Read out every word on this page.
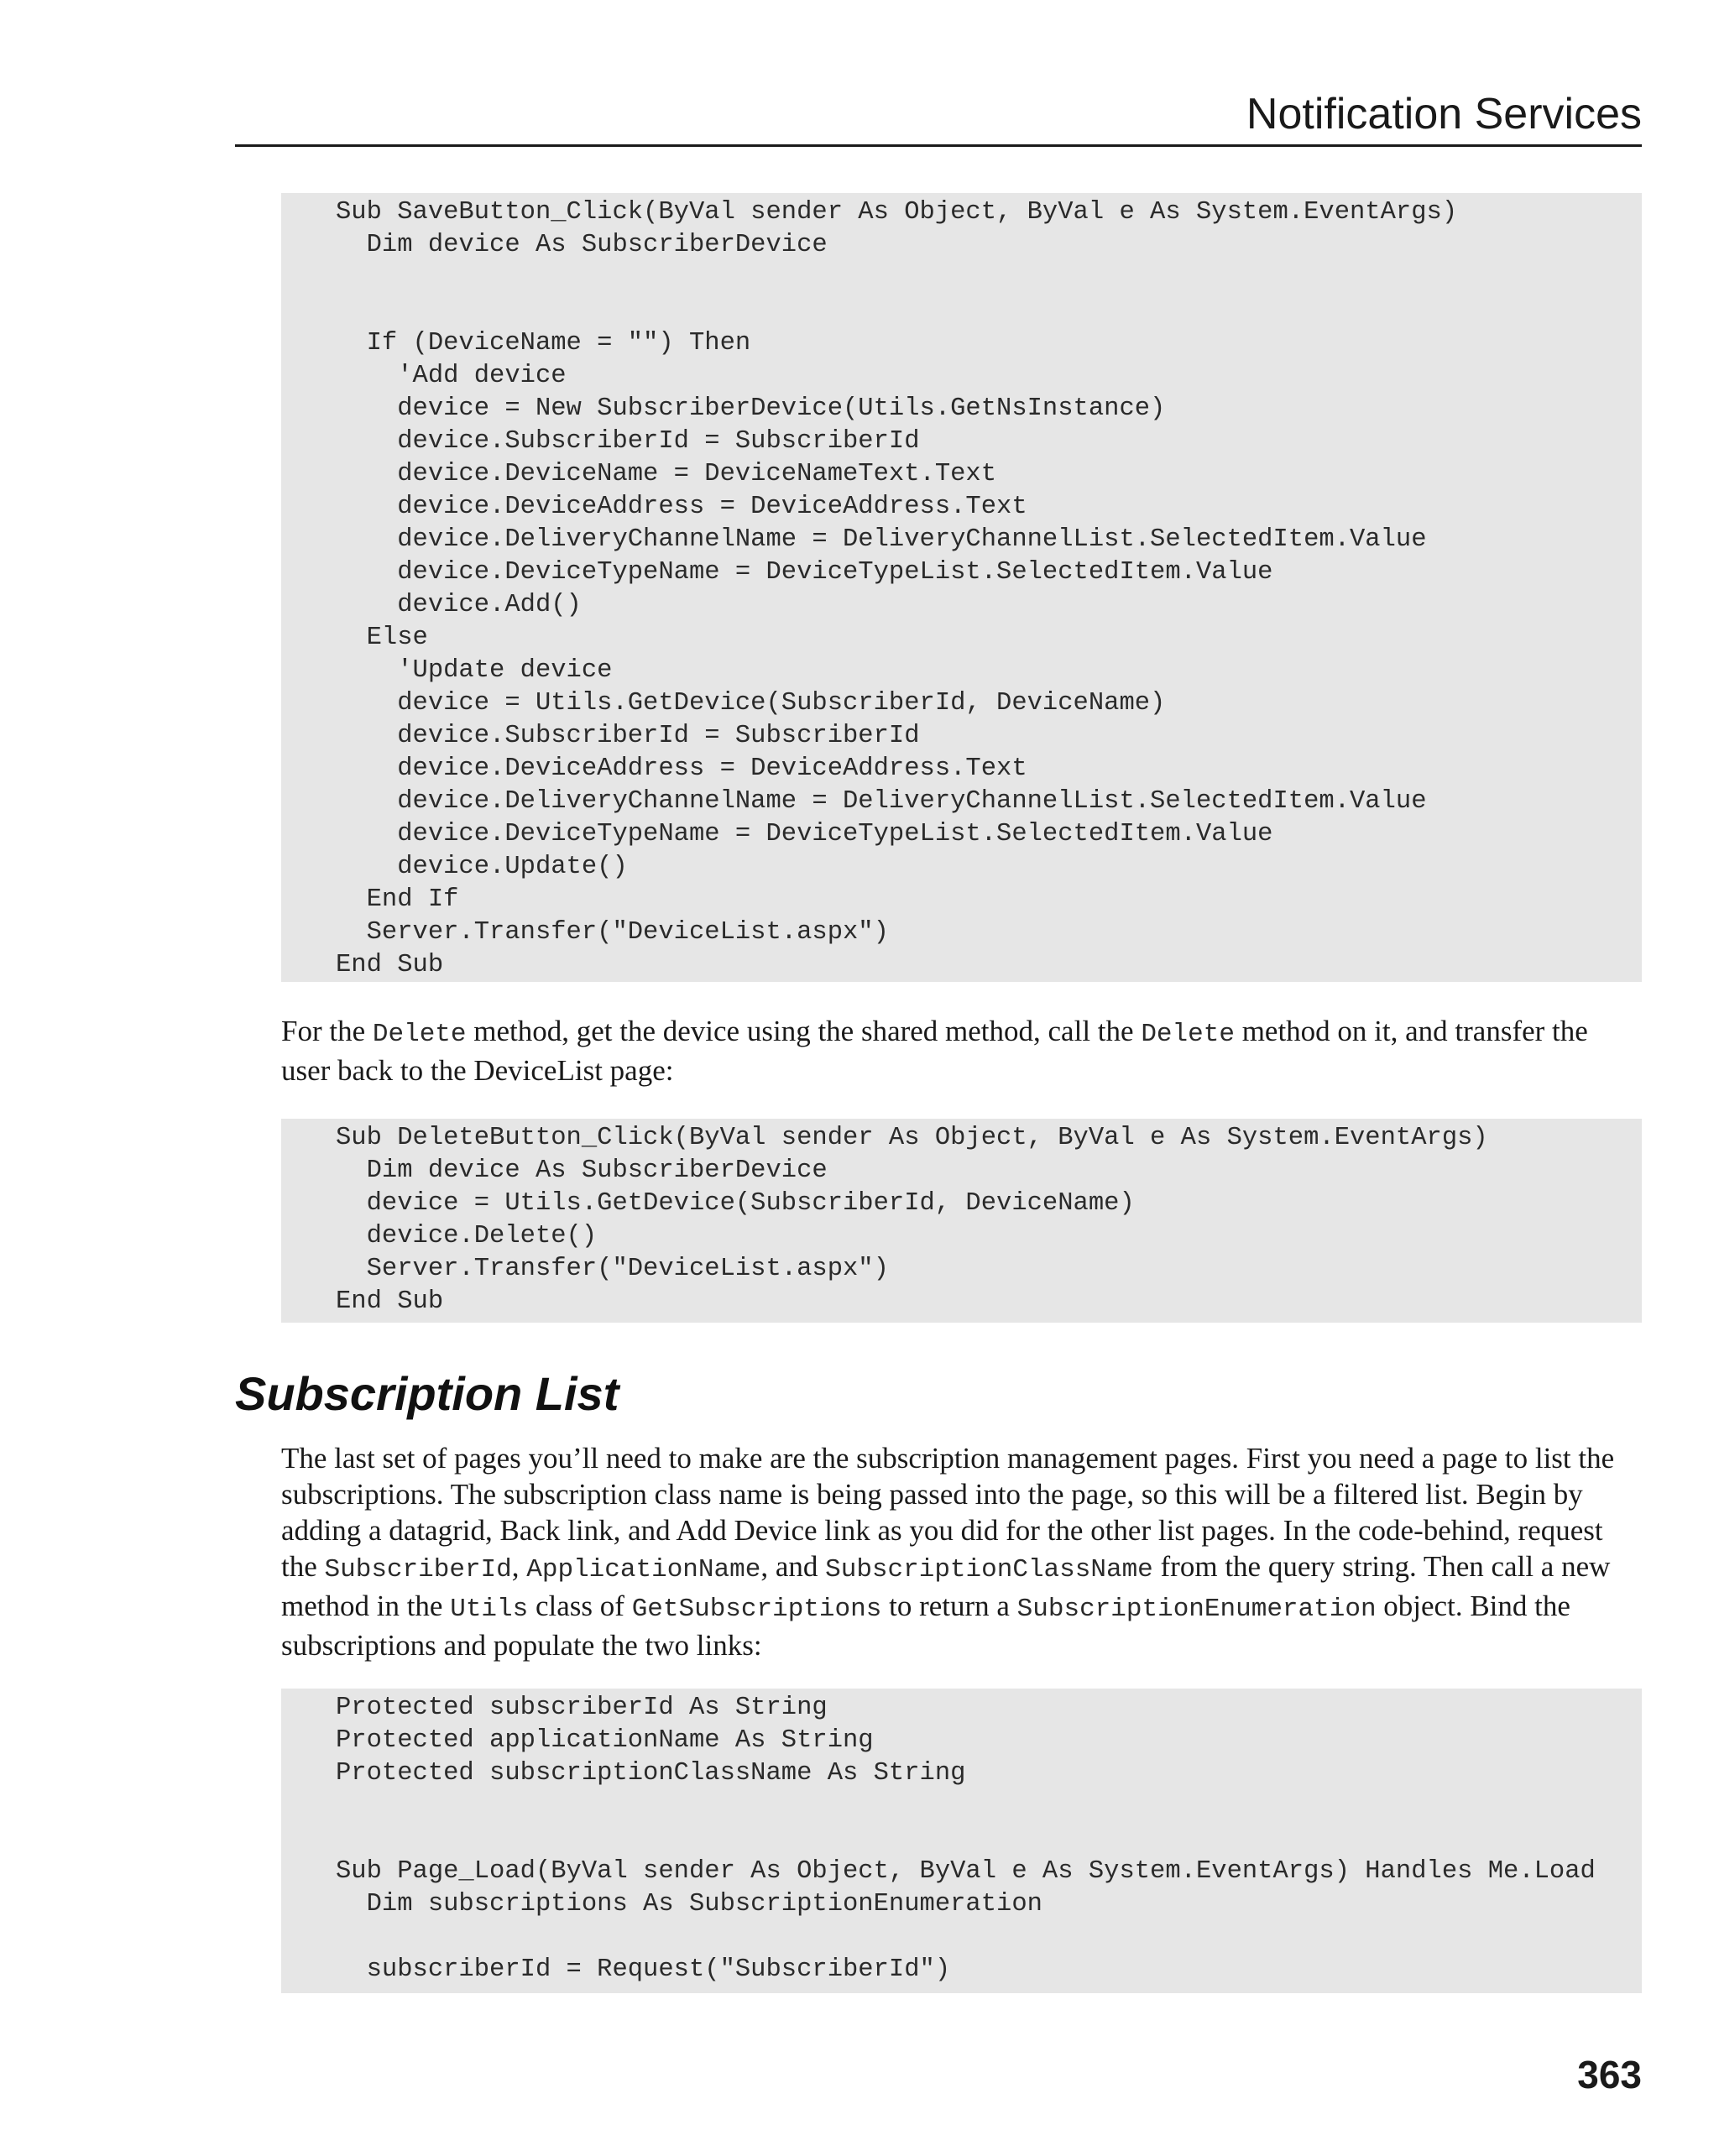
Notification Services
Sub SaveButton_Click(ByVal sender As Object, ByVal e As System.EventArgs)
Dim device As SubscriberDevice
If (DeviceName = "") Then
'Add device
device = New SubscriberDevice(Utils.GetNsInstance)
device.SubscriberId = SubscriberId
device.DeviceName = DeviceNameText.Text
device.DeviceAddress = DeviceAddress.Text
device.DeliveryChannelName = DeliveryChannelList.SelectedItem.Value
device.DeviceTypeName = DeviceTypeList.SelectedItem.Value
device.Add()
Else
'Update device
device = Utils.GetDevice(SubscriberId, DeviceName)
device.SubscriberId = SubscriberId
device.DeviceAddress = DeviceAddress.Text
device.DeliveryChannelName = DeliveryChannelList.SelectedItem.Value
device.DeviceTypeName = DeviceTypeList.SelectedItem.Value
device.Update()
End If
Server.Transfer("DeviceList.aspx")
End Sub
For the Delete method, get the device using the shared method, call the Delete method on it, and transfer the user back to the DeviceList page:
Sub DeleteButton_Click(ByVal sender As Object, ByVal e As System.EventArgs)
Dim device As SubscriberDevice
device = Utils.GetDevice(SubscriberId, DeviceName)
device.Delete()
Server.Transfer("DeviceList.aspx")
End Sub
Subscription List
The last set of pages you’ll need to make are the subscription management pages. First you need a page to list the subscriptions. The subscription class name is being passed into the page, so this will be a filtered list. Begin by adding a datagrid, Back link, and Add Device link as you did for the other list pages. In the code-behind, request the SubscriberId, ApplicationName, and SubscriptionClassName from the query string. Then call a new method in the Utils class of GetSubscriptions to return a SubscriptionEnumeration object. Bind the subscriptions and populate the two links:
Protected subscriberId As String
Protected applicationName As String
Protected subscriptionClassName As String
Sub Page_Load(ByVal sender As Object, ByVal e As System.EventArgs) Handles Me.Load
Dim subscriptions As SubscriptionEnumeration
subscriberId = Request("SubscriberId")
363
